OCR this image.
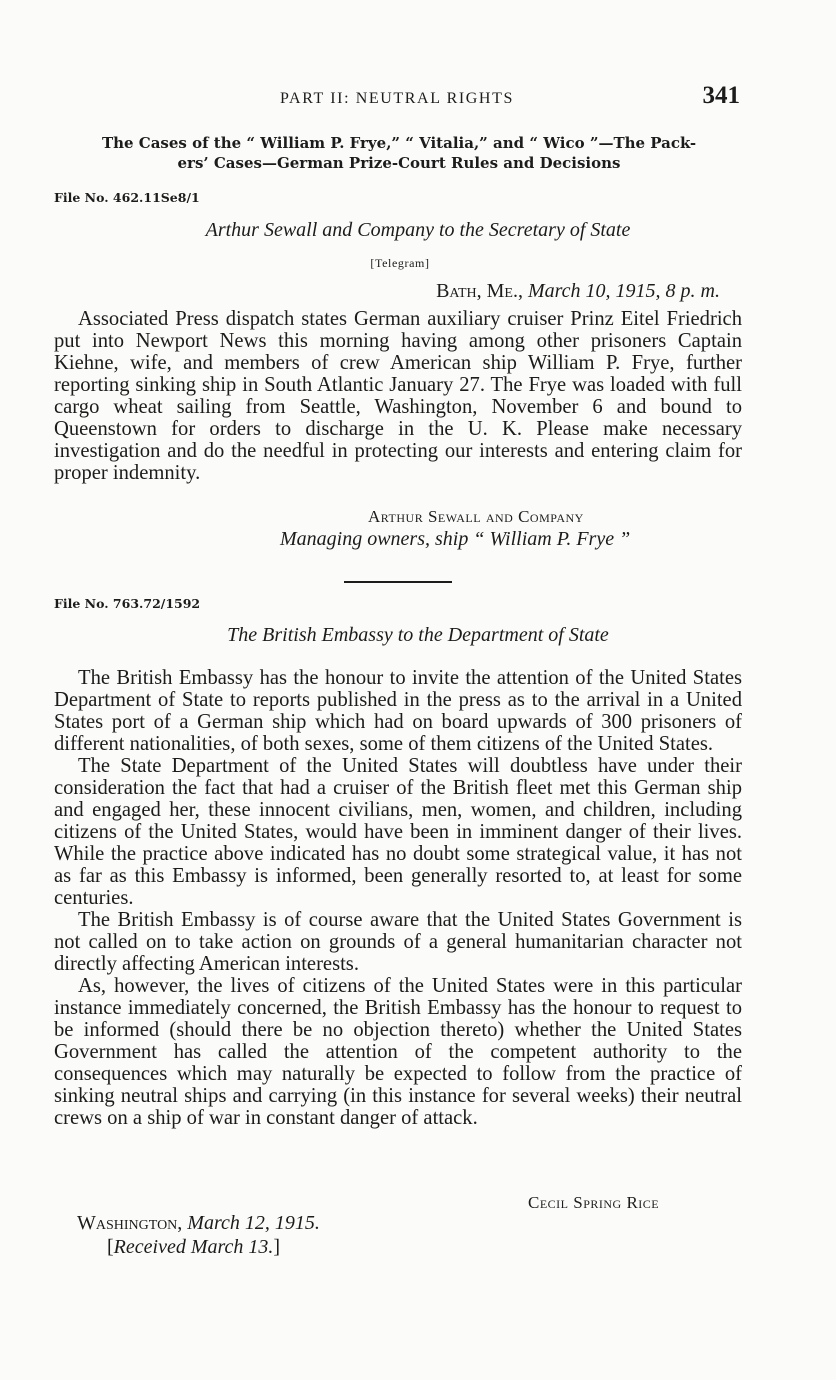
PART II: NEUTRAL RIGHTS	341
The Cases of the “ William P. Frye,” “ Vitalia,” and “ Wico ”—The Pack-
ers’ Cases—German Prize-Court Rules and Decisions
File No. 462.11Se8/1
Arthur Sewall and Company to the Secretary of State
[Telegram]
Bath, Me., March 10, 1915, 8 p. m.

Associated Press dispatch states German auxiliary cruiser Prinz Eitel Friedrich put into Newport News this morning having among other prisoners Captain Kiehne, wife, and members of crew American ship William P. Frye, further reporting sinking ship in South Atlantic January 27. The Frye was loaded with full cargo wheat sailing from Seattle, Washington, November 6 and bound to Queenstown for orders to discharge in the U. K. Please make necessary investigation and do the needful in protecting our interests and entering claim for proper indemnity.

Arthur Sewall and Company
Managing owners, ship “ William P. Frye ”
File No. 763.72/1592
The British Embassy to the Department of State

The British Embassy has the honour to invite the attention of the United States Department of State to reports published in the press as to the arrival in a United States port of a German ship which had on board upwards of 300 prisoners of different nationalities, of both sexes, some of them citizens of the United States.

The State Department of the United States will doubtless have under their consideration the fact that had a cruiser of the British fleet met this German ship and engaged her, these innocent civilians, men, women, and children, including citizens of the United States, would have been in imminent danger of their lives. While the practice above indicated has no doubt some strategical value, it has not as far as this Embassy is informed, been generally resorted to, at least for some centuries.

The British Embassy is of course aware that the United States Government is not called on to take action on grounds of a general humanitarian character not directly affecting American interests.

As, however, the lives of citizens of the United States were in this particular instance immediately concerned, the British Embassy has the honour to request to be informed (should there be no objection thereto) whether the United States Government has called the attention of the competent authority to the consequences which may naturally be expected to follow from the practice of sinking neutral ships and carrying (in this instance for several weeks) their neutral crews on a ship of war in constant danger of attack.

Cecil Spring Rice
Washington, March 12, 1915.
[Received March 13.]
